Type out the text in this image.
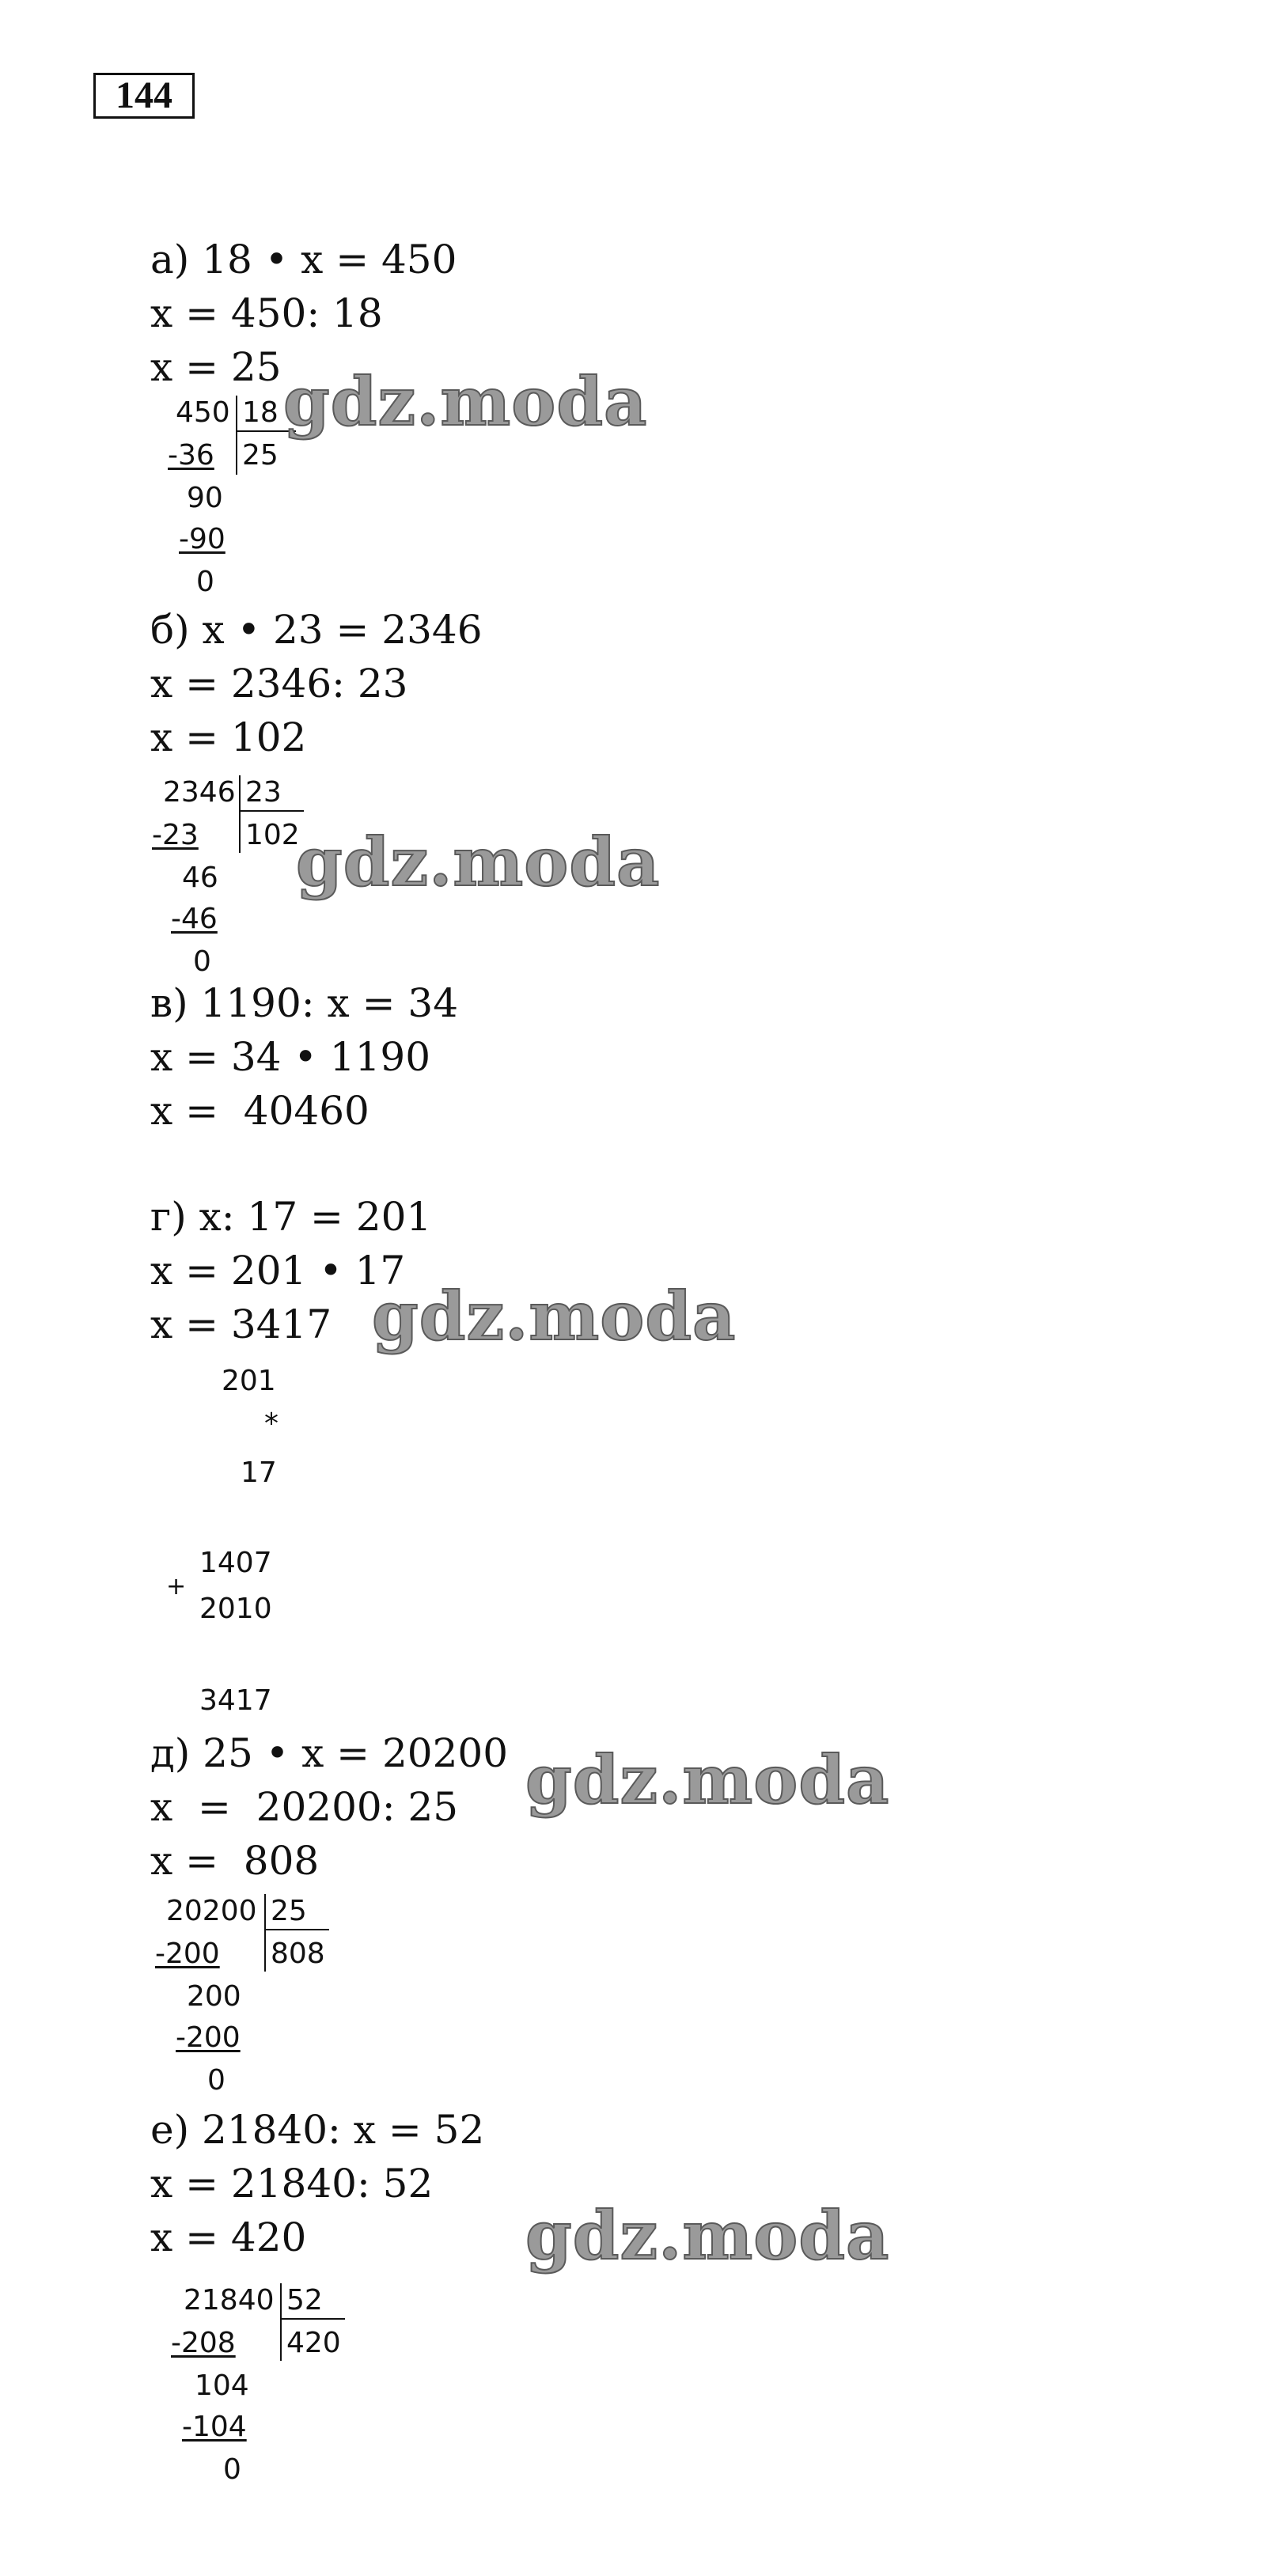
144
а) 18 • x = 450
x = 450: 18
x = 25
450 18
25
-36
90
-90
0
gdz.moda
б) x • 23 = 2346
x = 2346: 23
x = 102
2346 23
102
-23
46
-46
0
gdz.moda
в) 1190: x = 34
x = 34 • 1190
x =  40460
г) x: 17 = 201
x = 201 • 17
x = 3417 gdz.moda
201
*
17
+
1407
2010
3417
д) 25 • x = 20200
x  =  20200: 25
x =  808
gdz.moda
20200 25
808
-200
200
-200
0
е) 21840: x = 52
x = 21840: 52
x = 420	gdz.moda
21840 52
420
-208
104
-104
0
